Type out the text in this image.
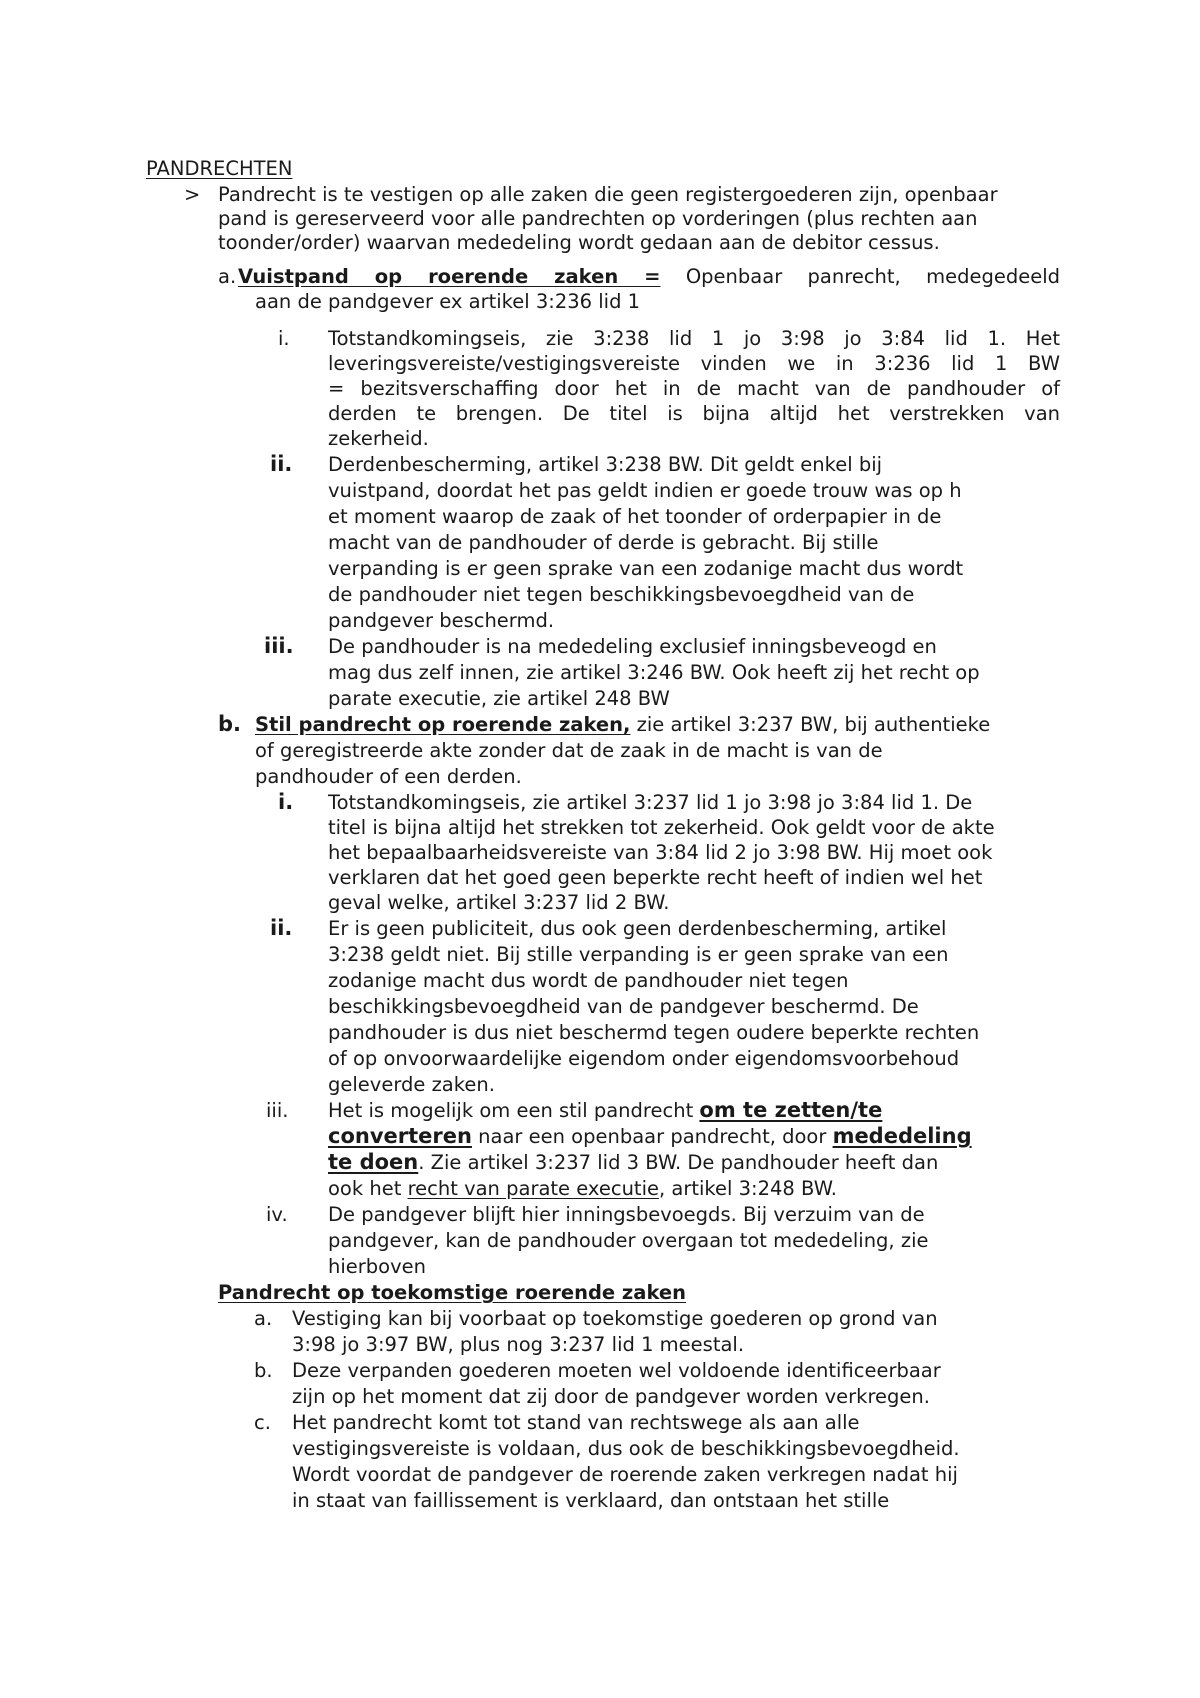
PANDRECHTEN
> Pandrecht is te vestigen op alle zaken die geen registergoederen zijn, openbaar
pand is gereserveerd voor alle pandrechten op vorderingen (plus rechten aan
toonder/order) waarvan mededeling wordt gedaan aan de debitor cessus.
a. Vuistpand op roerende zaken = Openbaar panrecht, medegedeeld
aan de pandgever ex artikel 3:236 lid 1
i. Totstandkomingseis, zie 3:238 lid 1 jo 3:98 jo 3:84 lid 1. Het
leveringsvereiste/vestigingsvereiste vinden we in 3:236 lid 1 BW
= bezitsverschaffing door het in de macht van de pandhouder of
derden te brengen. De titel is bijna altijd het verstrekken van
zekerheid.
ii. Derdenbescherming, artikel 3:238 BW. Dit geldt enkel bij
vuistpand, doordat het pas geldt indien er goede trouw was op h
et moment waarop de zaak of het toonder of orderpapier in de
macht van de pandhouder of derde is gebracht. Bij stille
verpanding is er geen sprake van een zodanige macht dus wordt
de pandhouder niet tegen beschikkingsbevoegdheid van de
pandgever beschermd.
iii. De pandhouder is na mededeling exclusief inningsbeveogd en
mag dus zelf innen, zie artikel 3:246 BW. Ook heeft zij het recht op
parate executie, zie artikel 248 BW
b. Stil pandrecht op roerende zaken, zie artikel 3:237 BW, bij authentieke
of geregistreerde akte zonder dat de zaak in de macht is van de
pandhouder of een derden.
i. Totstandkomingseis, zie artikel 3:237 lid 1 jo 3:98 jo 3:84 lid 1. De
titel is bijna altijd het strekken tot zekerheid. Ook geldt voor de akte
het bepaalbaarheidsvereiste van 3:84 lid 2 jo 3:98 BW. Hij moet ook
verklaren dat het goed geen beperkte recht heeft of indien wel het
geval welke, artikel 3:237 lid 2 BW.
ii. Er is geen publiciteit, dus ook geen derdenbescherming, artikel
3:238 geldt niet. Bij stille verpanding is er geen sprake van een
zodanige macht dus wordt de pandhouder niet tegen
beschikkingsbevoegdheid van de pandgever beschermd. De
pandhouder is dus niet beschermd tegen oudere beperkte rechten
of op onvoorwaardelijke eigendom onder eigendomsvoorbehoud
geleverde zaken.
iii. Het is mogelijk om een stil pandrecht om te zetten/te
converteren naar een openbaar pandrecht, door mededeling
te doen. Zie artikel 3:237 lid 3 BW. De pandhouder heeft dan
ook het recht van parate executie, artikel 3:248 BW.
iv. De pandgever blijft hier inningsbevoegds. Bij verzuim van de
pandgever, kan de pandhouder overgaan tot mededeling, zie
hierboven
Pandrecht op toekomstige roerende zaken
a. Vestiging kan bij voorbaat op toekomstige goederen op grond van
3:98 jo 3:97 BW, plus nog 3:237 lid 1 meestal.
b. Deze verpanden goederen moeten wel voldoende identificeerbaar
zijn op het moment dat zij door de pandgever worden verkregen.
c. Het pandrecht komt tot stand van rechtswege als aan alle
vestigingsvereiste is voldaan, dus ook de beschikkingsbevoegdheid.
Wordt voordat de pandgever de roerende zaken verkregen nadat hij
in staat van faillissement is verklaard, dan ontstaan het stille
